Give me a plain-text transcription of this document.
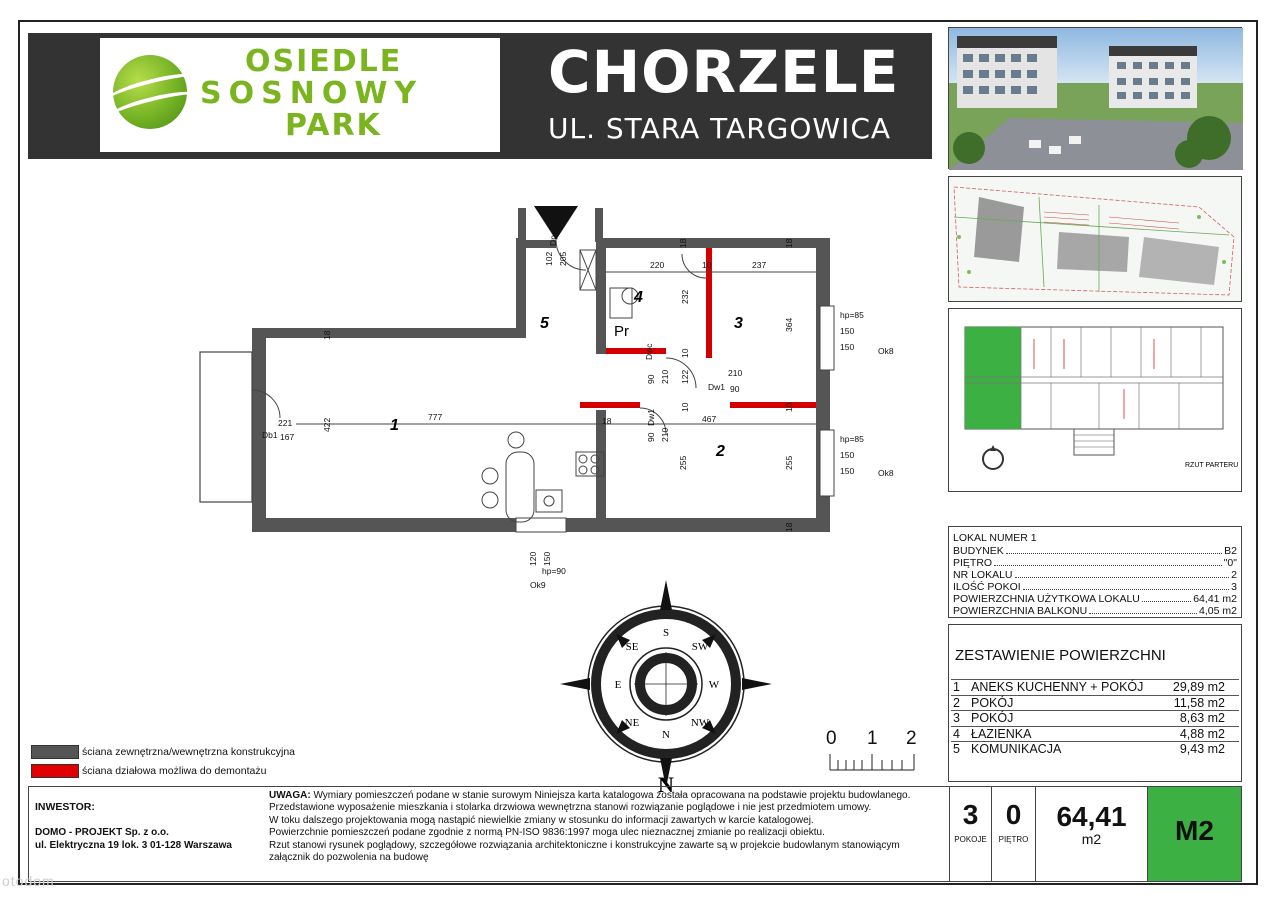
OSIEDLE
SOSNOWY
PARK
CHORZELE
UL. STARA TARGOWICA
RZUT PARTERU
1
2
3
4
5	Pr
777	467
237
220
422
364
255	255
232
122	210
210
210
90
90
90
102 205
18
18	18
18
18
10
10
10	10
221
167
150
150
150
150
120 150
Dp
Dwc
Dw1
Dw1
Db1
Ok8
Ok8
Ok9
hp=85
hp=85
hp=90
S
SW
W
NW
N
NE
E
SE
N
ściana zewnętrzna/wewnętrzna konstrukcyjna
ściana działowa możliwa do demontażu
0 1 2
LOKAL NUMER 1
BUDYNEK	B2
PIĘTRO	"0"
NR LOKALU	2
ILOŚĆ POKOI	3
POWIERZCHNIA UŻYTKOWA LOKALU	64,41 m2
POWIERZCHNIA BALKONU	4,05 m2
ZESTAWIENIE POWIERZCHNI
1 ANEKS KUCHENNY + POKÓJ	29,89 m2
2 POKÓJ	11,58 m2
3 POKÓJ	8,63 m2
4 ŁAZIENKA	4,88 m2
5 KOMUNIKACJA	9,43 m2
INWESTOR:
DOMO - PROJEKT Sp. z o.o.
ul. Elektryczna 19 lok. 3 01-128 Warszawa
UWAGA: Wymiary pomieszczeń podane w stanie surowym Niniejsza karta katalogowa została opracowana na podstawie projektu budowlanego.
Przedstawione wyposażenie mieszkania i stolarka drzwiowa wewnętrzna stanowi rozwiązanie poglądowe i nie jest przedmiotem umowy.
W toku dalszego projektowania mogą nastąpić niewielkie zmiany w stosunku do informacji zawartych w karcie katalogowej.
Powierzchnie pomieszczeń podane zgodnie z normą PN-ISO 9836:1997 moga ulec nieznacznej zmianie po realizacji obiektu.
Rzut stanowi rysunek poglądowy, szczegółowe rozwiązania architektoniczne i konstrukcyjne zawarte są w projekcie budowlanym stanowiącym
załącznik do pozwolenia na budowę
3
POKOJE
0
PIĘTRO
64,41
m2	M2
otodom
